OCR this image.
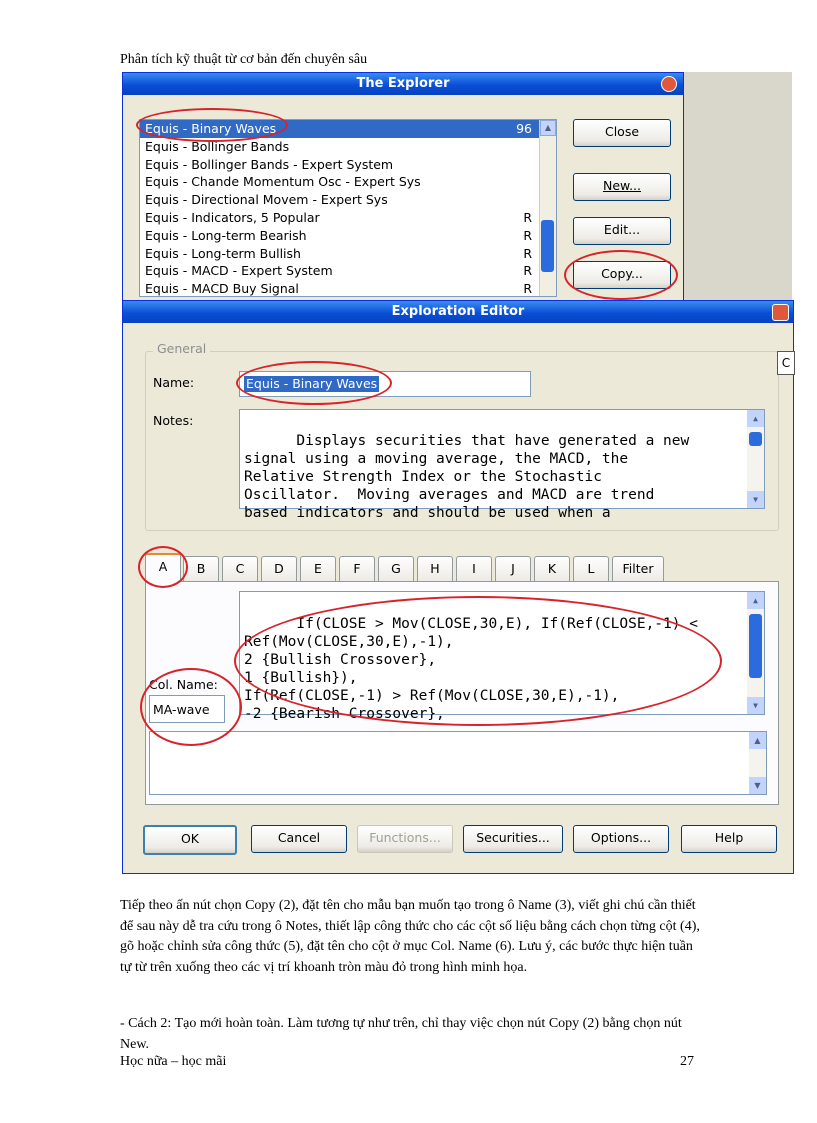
Phân tích kỹ thuật từ cơ bản đến chuyên sâu
The Explorer
Equis - Binary Waves	96
Equis - Bollinger Bands
Equis - Bollinger Bands - Expert System
Equis - Chande Momentum Osc - Expert Sys
Equis - Directional Movem - Expert Sys
Equis - Indicators, 5 Popular	R
Equis - Long-term Bearish	R
Equis - Long-term Bullish	R
Equis - MACD - Expert System	R
Equis - MACD Buy Signal	R
▲	Close
New...
Edit...
Copy...
Exploration Editor
General
C
Name:	Equis - Binary Waves
Notes:

Displays securities that have generated a new
signal using a moving average, the MACD, the
Relative Strength Index or the Stochastic
Oscillator.  Moving averages and MACD are trend
based indicators and should be used when a

▲

▼

A	B	C	D	E	F	G	H	I	J	K	L	Filter

If(CLOSE > Mov(CLOSE,30,E), If(Ref(CLOSE,-1) <
Ref(Mov(CLOSE,30,E),-1),
2 {Bullish Crossover},
1 {Bullish}),
If(Ref(CLOSE,-1) > Ref(Mov(CLOSE,30,E),-1),
-2 {Bearish Crossover},

▲

▼

Col. Name:
MA-wave
▲
▼
OK	Cancel	Functions...	Securities...	Options...	Help
Tiếp theo ấn nút chọn Copy (2), đặt tên cho mẫu bạn muốn tạo trong ô Name (3), viết ghi chú cần thiết để sau này dễ tra cứu trong ô Notes, thiết lập công thức cho các cột số liệu bằng cách chọn từng cột (4), gõ hoặc chỉnh sửa công thức (5), đặt tên cho cột ở mục Col. Name (6). Lưu ý, các bước thực hiện tuần tự từ trên xuống theo các vị trí khoanh tròn màu đỏ trong hình minh họa.
- Cách 2: Tạo mới hoàn toàn. Làm tương tự như trên, chỉ thay việc chọn nút Copy (2) bằng chọn nút New.
Học nữa – học mãi	27
